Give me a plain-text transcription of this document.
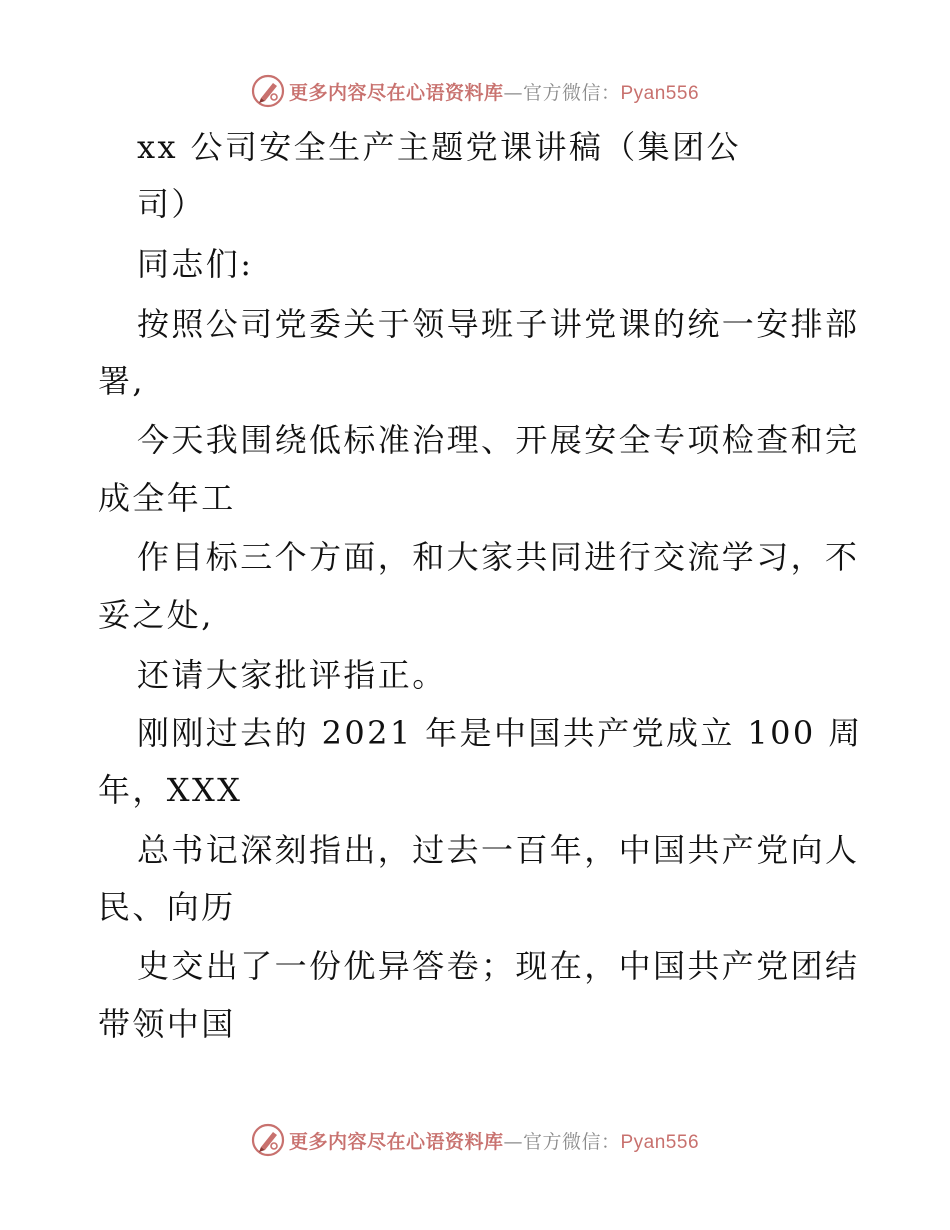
更多内容尽在心语资料库—官方微信：Pyan556
xx 公司安全生产主题党课讲稿（集团公
司）
同志们:
按照公司党委关于领导班子讲党课的统一安排部
署,
今天我围绕低标准治理、开展安全专项检查和完
成全年工
作目标三个方面，和大家共同进行交流学习，不
妥之处,
还请大家批评指正。
刚刚过去的 2021 年是中国共产党成立 100 周
年，XXX
总书记深刻指出，过去一百年，中国共产党向人
民、向历
史交出了一份优异答卷；现在，中国共产党团结
带领中国
更多内容尽在心语资料库—官方微信：Pyan556
